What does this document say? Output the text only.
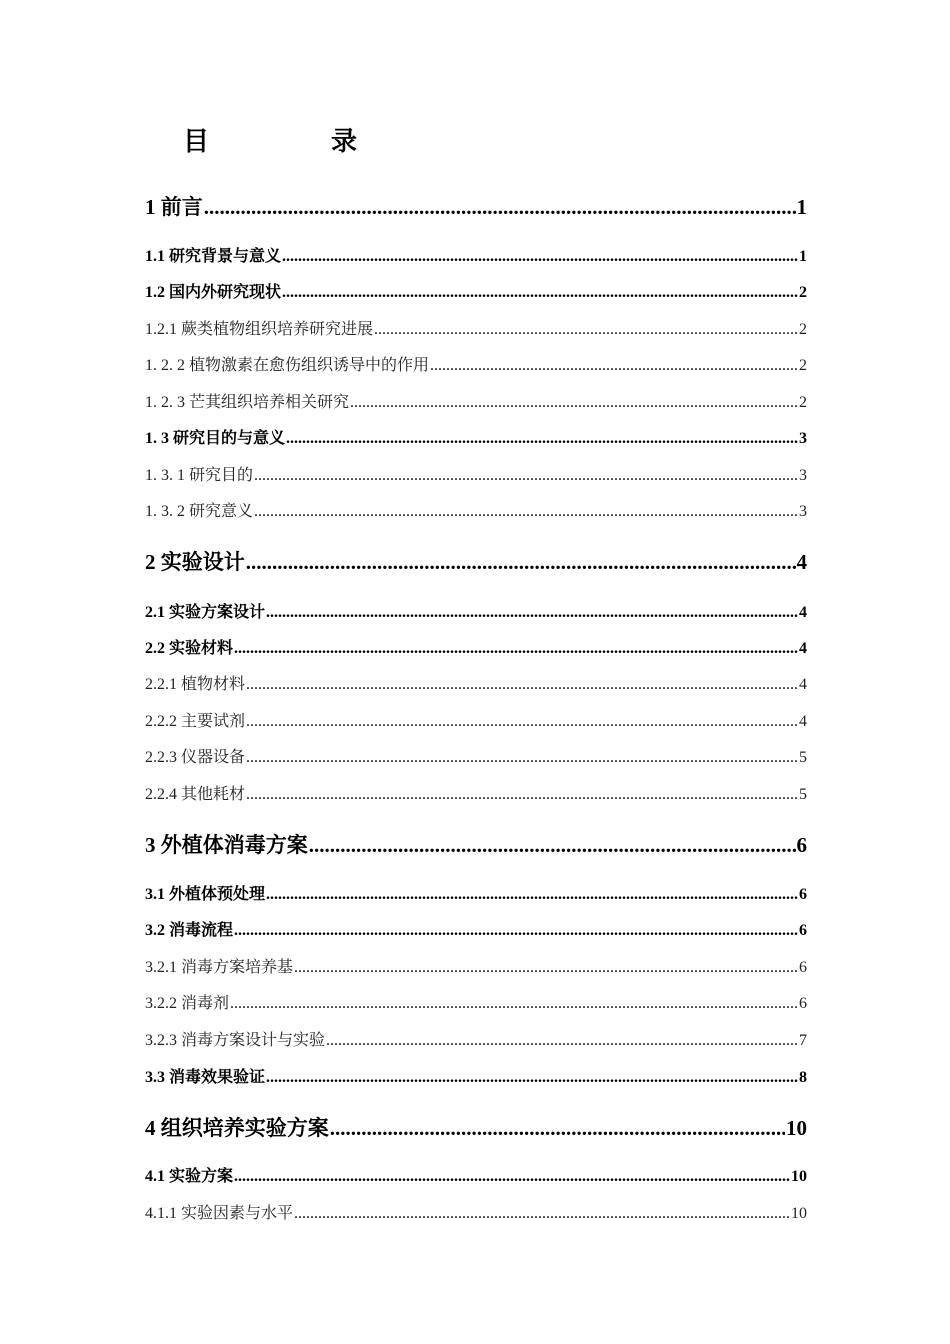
目　录
1 前言 .....	1
1.1 研究背景与意义 .....	1
1.2 国内外研究现状 .....	2
1.2.1 蕨类植物组织培养研究进展 .....	2
1. 2. 2 植物激素在愈伤组织诱导中的作用 .....	2
1. 2. 3 芒萁组织培养相关研究 .....	2
1. 3 研究目的与意义 .....	3
1. 3. 1 研究目的 .....	3
1. 3. 2 研究意义 .....	3
2 实验设计 .....	4
2.1 实验方案设计 .....	4
2.2 实验材料 .....	4
2.2.1 植物材料 .....	4
2.2.2 主要试剂 .....	4
2.2.3 仪器设备 .....	5
2.2.4 其他耗材 .....	5
3 外植体消毒方案 .....	6
3.1 外植体预处理 .....	6
3.2 消毒流程 .....	6
3.2.1 消毒方案培养基 .....	6
3.2.2 消毒剂 .....	6
3.2.3 消毒方案设计与实验 .....	7
3.3 消毒效果验证 .....	8
4 组织培养实验方案 .....	10
4.1 实验方案 .....	10
4.1.1 实验因素与水平 .....	10
